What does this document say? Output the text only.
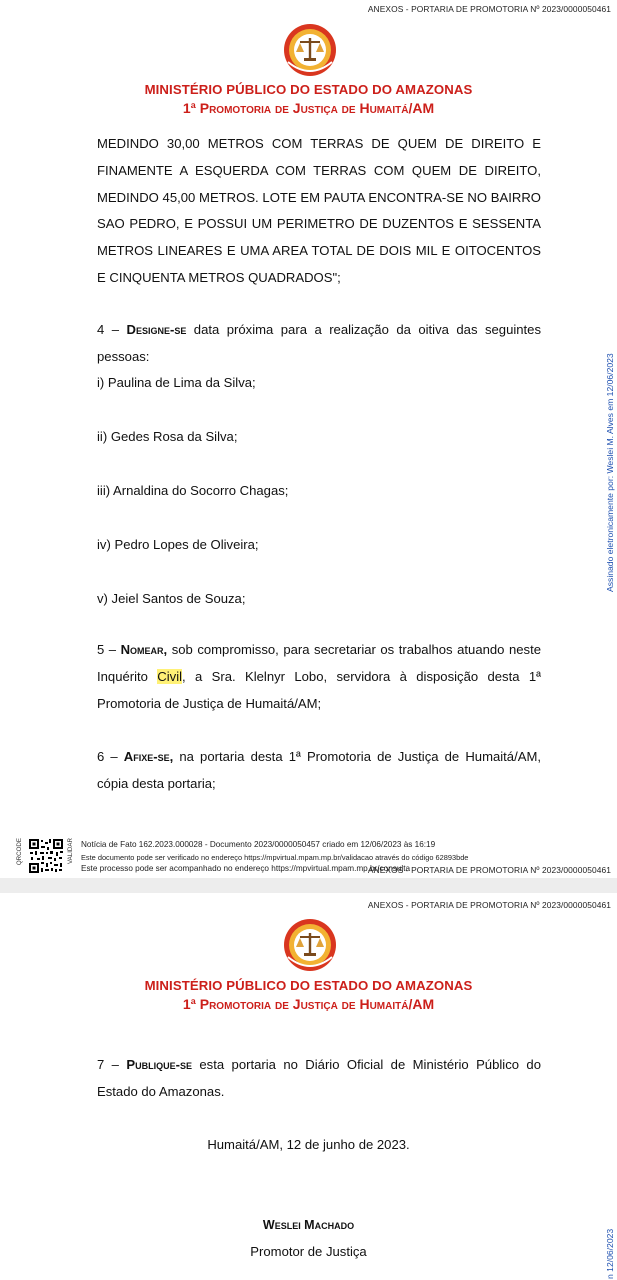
ANEXOS - PORTARIA DE PROMOTORIA Nº 2023/0000050461
MINISTÉRIO PÚBLICO DO ESTADO DO AMAZONAS
1ª Promotoria de Justiça de Humaitá/AM
MEDINDO 30,00 METROS COM TERRAS DE QUEM DE DIREITO E FINAMENTE A ESQUERDA COM TERRAS COM QUEM DE DIREITO, MEDINDO 45,00 METROS. LOTE EM PAUTA ENCONTRA-SE NO BAIRRO SAO PEDRO, E POSSUI UM PERIMETRO DE DUZENTOS E SESSENTA METROS LINEARES E UMA AREA TOTAL DE DOIS MIL E OITOCENTOS E CINQUENTA METROS QUADRADOS";
4 – Designe-se data próxima para a realização da oitiva das seguintes pessoas:
i) Paulina de Lima da Silva;
ii) Gedes Rosa da Silva;
iii) Arnaldina do Socorro Chagas;
iv) Pedro Lopes de Oliveira;
v) Jeiel Santos de Souza;
5 – Nomear, sob compromisso, para secretariar os trabalhos atuando neste Inquérito Civil, a Sra. Klelnyr Lobo, servidora à disposição desta 1ª Promotoria de Justiça de Humaitá/AM;
6 – Afixe-se, na portaria desta 1ª Promotoria de Justiça de Humaitá/AM, cópia desta portaria;
Assinado eletronicamente por: Weslei M. Alves em 12/06/2023
QRCODE	VALIDAR Notícia de Fato 162.2023.000028 - Documento 2023/0000050457 criado em 12/06/2023 às 16:19
Este documento pode ser verificado no endereço https://mpvirtual.mpam.mp.br/validacao através do código 62893bde
Este processo pode ser acompanhado no endereço https://mpvirtual.mpam.mp.br/consulta
ANEXOS - PORTARIA DE PROMOTORIA Nº 2023/0000050461
ANEXOS - PORTARIA DE PROMOTORIA Nº 2023/0000050461
MINISTÉRIO PÚBLICO DO ESTADO DO AMAZONAS
1ª Promotoria de Justiça de Humaitá/AM
7 – Publique-se esta portaria no Diário Oficial de Ministério Público do Estado do Amazonas.
Humaitá/AM, 12 de junho de 2023.
Weslei Machado
Promotor de Justiça	n 12/06/2023
